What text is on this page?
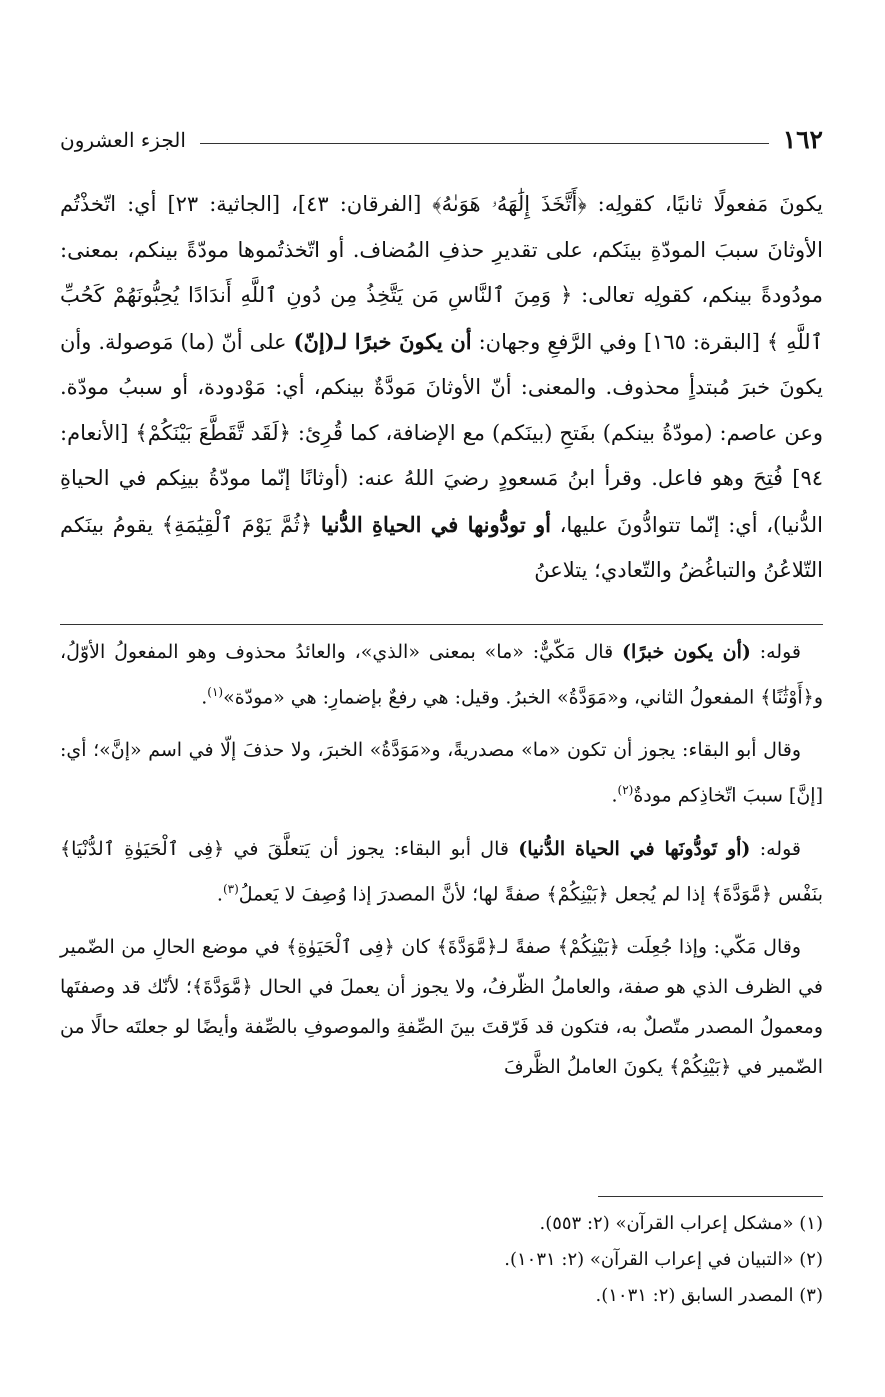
١٦٢
الجزء العشرون

يكونَ مَفعولًا ثانيًا، كقولِه: ﴿أَتَّخَذَ إِلَٰهَهُۥ هَوَىٰهُ﴾ [الفرقان: ٤٣]، [الجاثية: ٢٣] أي: اتّخذْتُم الأوثانَ سببَ المودّةِ بينَكم، على تقديرِ حذفِ المُضاف. أو اتّخذتُموها مودّةً بينكم، بمعنى: مودُودةً بينكم، كقولِه تعالى: ﴿ وَمِنَ ٱلنَّاسِ مَن يَتَّخِذُ مِن دُونِ ٱللَّهِ أَندَادًا يُحِبُّونَهُمْ كَحُبِّ ٱللَّهِ ﴾ [البقرة: ١٦٥] وفي الرَّفعِ وجهان: أن يكونَ خبرًا لـ(إنّ) على أنّ (ما) مَوصولة. وأن يكونَ خبرَ مُبتدأٍ محذوف. والمعنى: أنّ الأوثانَ مَودَّةٌ بينكم، أي: مَوْدودة، أو سببُ مودّة. وعن عاصم: (مودّةُ بينكم) بفَتحِ (بينَكم) مع الإضافة، كما قُرِئ: ﴿لَقَد تَّقَطَّعَ بَيْنَكُمْ﴾ [الأنعام: ٩٤] فُتِحَ وهو فاعل. وقرأ ابنُ مَسعودٍ رضيَ اللهُ عنه: (أوثانًا إنّما مودّةُ بينِكم في الحياةِ الدُّنيا)، أي: إنّما تتوادُّونَ عليها، أو تودُّونها في الحياةِ الدُّنيا ﴿ثُمَّ يَوْمَ ٱلْقِيَٰمَةِ﴾ يقومُ بينَكم التّلاعُنُ والتباغُضُ والتّعادي؛ يتلاعنُ

قوله: (أن يكون خبرًا) قال مَكّيٌّ: «ما» بمعنى «الذي»، والعائدُ محذوف وهو المفعولُ الأوّلُ، و﴿أَوْثَٰنًا﴾ المفعولُ الثاني، و«مَوَدَّةُ» الخبرُ. وقيل: هي رفعٌ بإضمارِ: هي «مودّة»$^{(١)}$.

وقال أبو البقاء: يجوز أن تكون «ما» مصدريةً، و«مَوَدَّةُ» الخبرَ، ولا حذفَ إلّا في اسم «إنَّ»؛ أي: [إنَّ] سببَ اتّخاذِكم مودةٌ$^{(٢)}$.

قوله: (أو تَودُّونَها في الحياة الدُّنيا) قال أبو البقاء: يجوز أن يَتعلَّقَ في ﴿فِى ٱلْحَيَوٰةِ ٱلدُّنْيَا﴾ بنَفْس ﴿مَّوَدَّةَ﴾ إذا لم يُجعل ﴿بَيْنِكُمْ﴾ صفةً لها؛ لأنَّ المصدرَ إذا وُصِفَ لا يَعملُ$^{(٣)}$.

وقال مَكّي: وإذا جُعِلَت ﴿بَيْنِكُمْ﴾ صفةً لـ﴿مَّوَدَّةَ﴾ كان ﴿فِى ٱلْحَيَوٰةِ﴾ في موضع الحالِ من الضّمير في الظرف الذي هو صفة، والعاملُ الظّرفُ، ولا يجوز أن يعملَ في الحال ﴿مَّوَدَّةَ﴾؛ لأنّك قد وصفتَها ومعمولُ المصدر متّصلٌ به، فتكون قد فَرّقتَ بينَ الصِّفةِ والموصوفِ بالصِّفة وأيضًا لو جعلتَه حالًا من الضّمير في ﴿بَيْنِكُمْ﴾ يكونَ العاملُ الظَّرفَ

(١) «مشكل إعراب القرآن» (٢: ٥٥٣).

(٢) «التبيان في إعراب القرآن» (٢: ١٠٣١).

(٣) المصدر السابق (٢: ١٠٣١).
